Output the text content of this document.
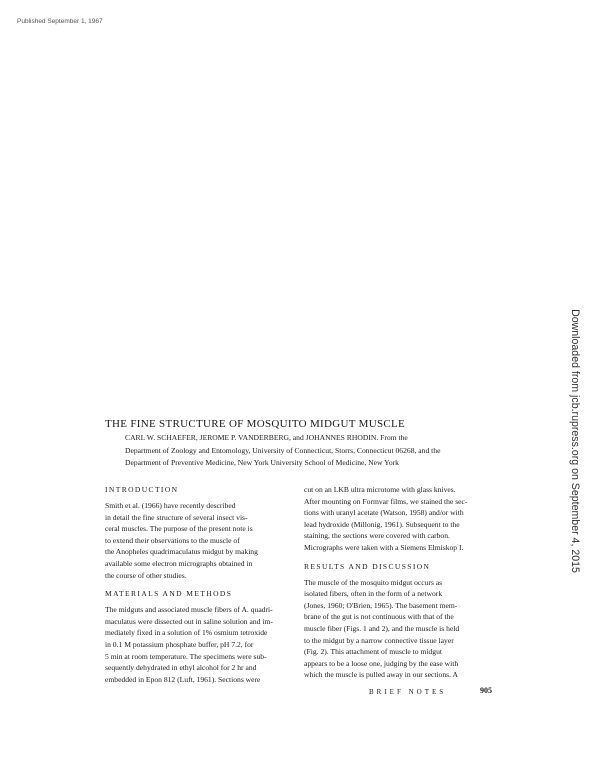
Published September 1, 1967
Downloaded from jcb.rupress.org on September 4, 2015
THE FINE STRUCTURE OF MOSQUITO MIDGUT MUSCLE
CARL W. SCHAEFER, JEROME P. VANDERBERG, and JOHANNES RHODIN. From the
Department of Zoology and Entomology, University of Connecticut, Storrs, Connecticut 06268, and the
Department of Preventive Medicine, New York University School of Medicine, New York
INTRODUCTION
Smith et al. (1966) have recently described
in detail the fine structure of several insect vis-
ceral muscles. The purpose of the present note is
to extend their observations to the muscle of
the Anopheles quadrimaculatus midgut by making
available some electron micrographs obtained in
the course of other studies.
MATERIALS AND METHODS
The midguts and associated muscle fibers of A. quadri-
maculatus were dissected out in saline solution and im-
mediately fixed in a solution of 1% osmium tetroxide
in 0.1 M potassium phosphate buffer, pH 7.2, for
5 min at room temperature. The specimens were sub-
sequently dehydrated in ethyl alcohol for 2 hr and
embedded in Epon 812 (Luft, 1961). Sections were
cut on an LKB ultra microtome with glass knives.
After mounting on Formvar films, we stained the sec-
tions with uranyl acetate (Watson, 1958) and/or with
lead hydroxide (Millonig, 1961). Subsequent to the
staining, the sections were covered with carbon.
Micrographs were taken with a Siemens Elmiskop I.
RESULTS AND DISCUSSION
The muscle of the mosquito midgut occurs as
isolated fibers, often in the form of a network
(Jones, 1960; O'Brien, 1965). The basement mem-
brane of the gut is not continuous with that of the
muscle fiber (Figs. 1 and 2), and the muscle is held
to the midgut by a narrow connective tissue layer
(Fig. 2). This attachment of muscle to midgut
appears to be a loose one, judging by the ease with
which the muscle is pulled away in our sections. A
BRIEF NOTES	905
